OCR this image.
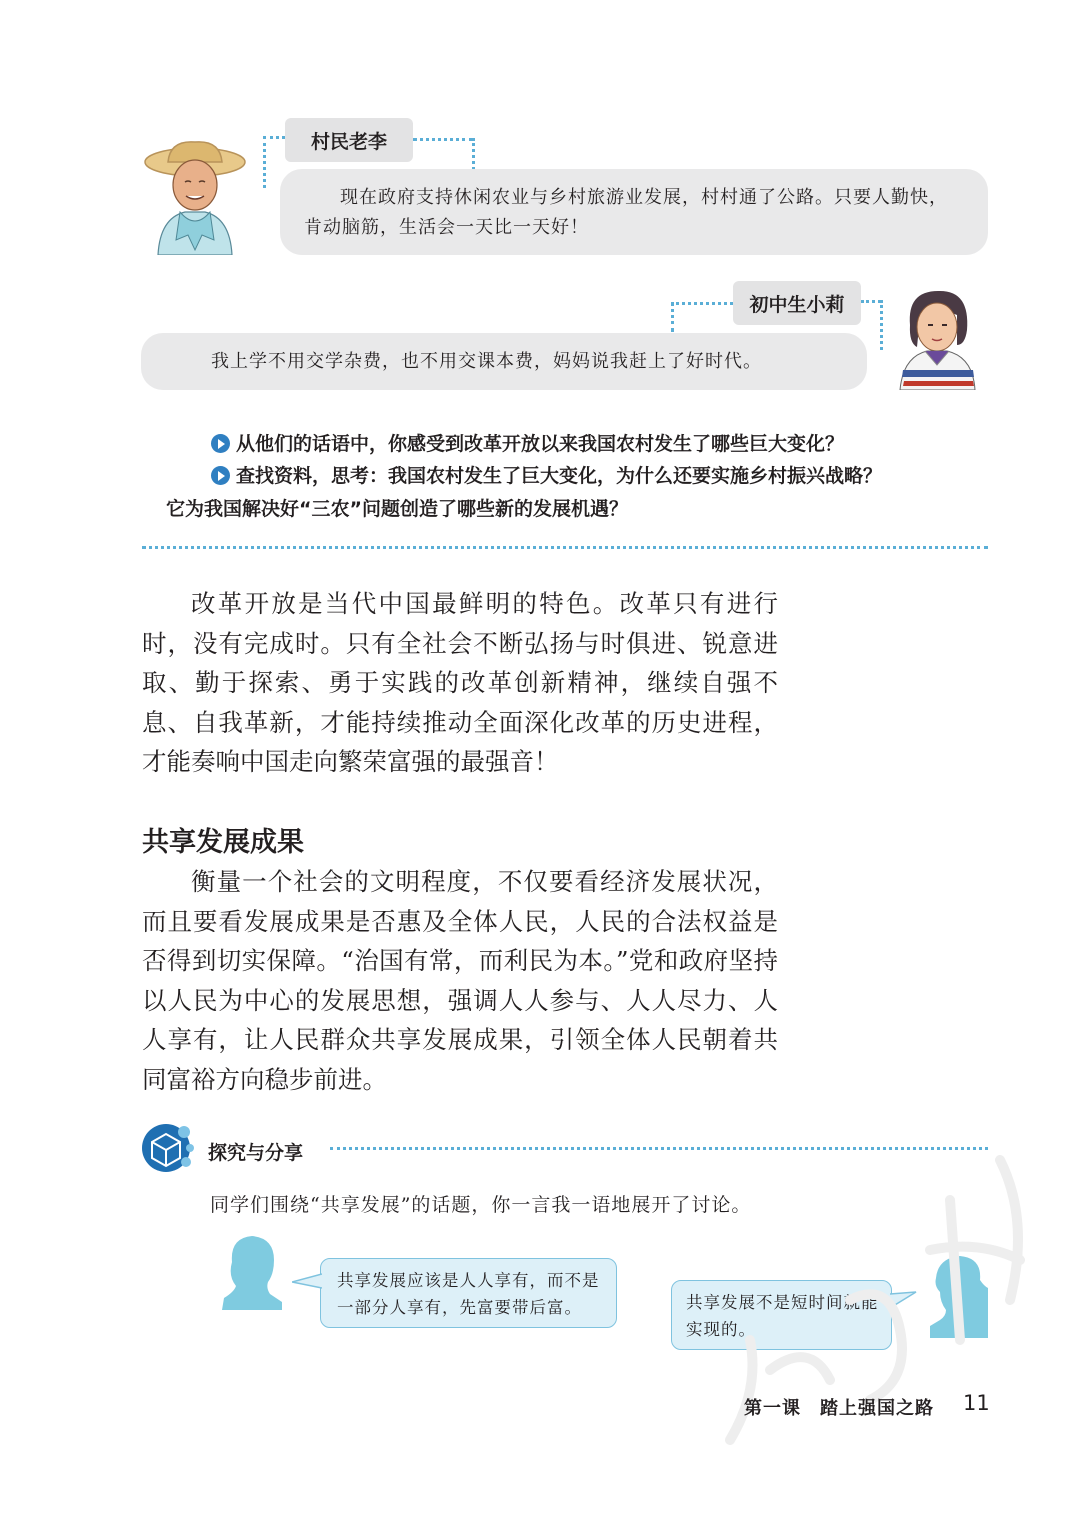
村民老李
现在政府支持休闲农业与乡村旅游业发展，村村通了公路。只要人勤快，肯动脑筋，生活会一天比一天好！
初中生小莉
我上学不用交学杂费，也不用交课本费，妈妈说我赶上了好时代。
从他们的话语中，你感受到改革开放以来我国农村发生了哪些巨大变化？
查找资料，思考：我国农村发生了巨大变化，为什么还要实施乡村振兴战略？
它为我国解决好“三农”问题创造了哪些新的发展机遇？
改革开放是当代中国最鲜明的特色。改革只有进行时，没有完成时。只有全社会不断弘扬与时俱进、锐意进取、勤于探索、勇于实践的改革创新精神，继续自强不息、自我革新，才能持续推动全面深化改革的历史进程，才能奏响中国走向繁荣富强的最强音！
共享发展成果
衡量一个社会的文明程度，不仅要看经济发展状况，而且要看发展成果是否惠及全体人民，人民的合法权益是否得到切实保障。“治国有常，而利民为本。”党和政府坚持以人民为中心的发展思想，强调人人参与、人人尽力、人人享有，让人民群众共享发展成果，引领全体人民朝着共同富裕方向稳步前进。
探究与分享
同学们围绕“共享发展”的话题，你一言我一语地展开了讨论。
共享发展应该是人人享有，而不是一部分人享有，先富要带后富。	共享发展不是短时间就能实现的。
第一课　踏上强国之路 11
